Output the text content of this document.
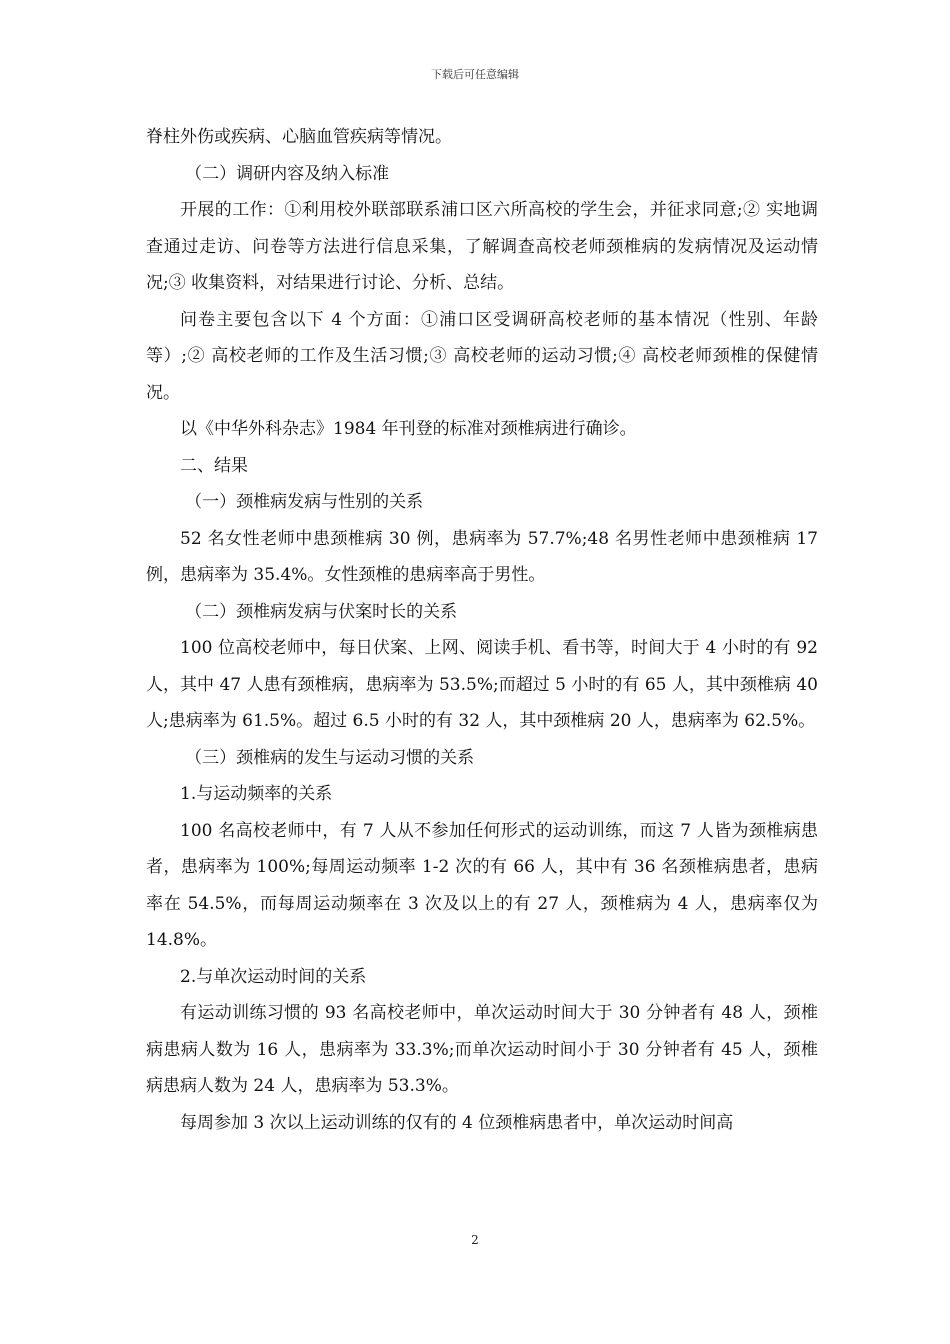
下载后可任意编辑

脊柱外伤或疾病、心脑血管疾病等情况。

（二）调研内容及纳入标准

开展的工作：①利用校外联部联系浦口区六所高校的学生会，并征求同意;② 实地调查通过走访、问卷等方法进行信息采集，了解调查高校老师颈椎病的发病情况及运动情况;③ 收集资料，对结果进行讨论、分析、总结。

问卷主要包含以下 4 个方面：①浦口区受调研高校老师的基本情况（性别、年龄等）;② 高校老师的工作及生活习惯;③ 高校老师的运动习惯;④ 高校老师颈椎的保健情况。

以《中华外科杂志》1984 年刊登的标准对颈椎病进行确诊。

二、结果

（一）颈椎病发病与性别的关系

52 名女性老师中患颈椎病 30 例，患病率为 57.7%;48 名男性老师中患颈椎病 17 例，患病率为 35.4%。女性颈椎的患病率高于男性。

（二）颈椎病发病与伏案时长的关系

100 位高校老师中，每日伏案、上网、阅读手机、看书等，时间大于 4 小时的有 92 人，其中 47 人患有颈椎病，患病率为 53.5%;而超过 5 小时的有 65 人，其中颈椎病 40 人;患病率为 61.5%。超过 6.5 小时的有 32 人，其中颈椎病 20 人，患病率为 62.5%。

（三）颈椎病的发生与运动习惯的关系

1.与运动频率的关系

100 名高校老师中，有 7 人从不参加任何形式的运动训练，而这 7 人皆为颈椎病患者，患病率为 100%;每周运动频率 1-2 次的有 66 人，其中有 36 名颈椎病患者，患病率在 54.5%，而每周运动频率在 3 次及以上的有 27 人，颈椎病为 4 人，患病率仅为 14.8%。

2.与单次运动时间的关系

有运动训练习惯的 93 名高校老师中，单次运动时间大于 30 分钟者有 48 人，颈椎病患病人数为 16 人，患病率为 33.3%;而单次运动时间小于 30 分钟者有 45 人，颈椎病患病人数为 24 人，患病率为 53.3%。

每周参加 3 次以上运动训练的仅有的 4 位颈椎病患者中，单次运动时间高

2
